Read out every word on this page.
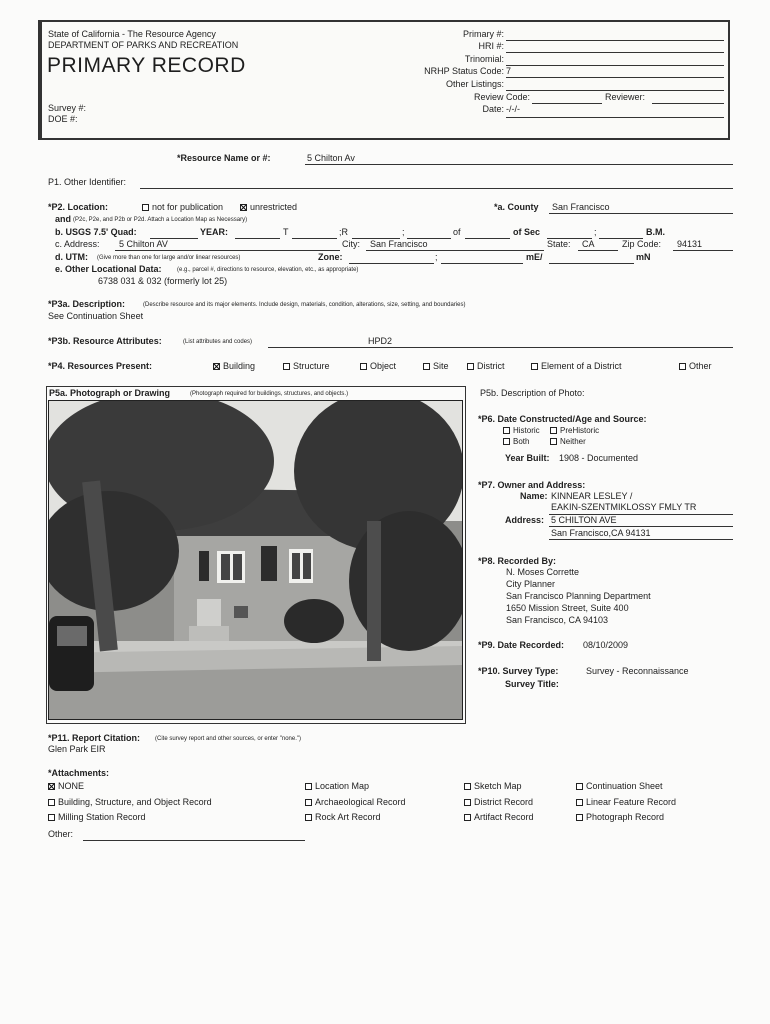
State of California - The Resource Agency
DEPARTMENT OF PARKS AND RECREATION
PRIMARY RECORD
Survey #:
DOE #:
Primary #:
HRI #:
Trinomial:
NRHP Status Code: 7
Other Listings:
Review Code:	Reviewer:
Date: -/-/-
*Resource Name or #:	5 Chilton Av
P1. Other Identifier:
*P2. Location:	not for publication	unrestricted	*a. County San Francisco
and (P2c, P2e, and P2b or P2d. Attach a Location Map as Necessary)
b. USGS 7.5' Quad:	YEAR:	T	;R	;	of	of Sec	;	B.M.
c. Address: 5 Chilton AV	City: San Francisco	State: CA	Zip Code: 94131
d. UTM: (Give more than one for large and/or linear resources)	Zone:	;	mE/	mN
e. Other Locational Data:	(e.g., parcel #, directions to resource, elevation, etc., as appropriate)
6738 031 & 032 (formerly lot 25)
*P3a. Description:	(Describe resource and its major elements. Include design, materials, condition, alterations, size, setting, and boundaries)
See Continuation Sheet
*P3b. Resource Attributes:	(List attributes and codes)	HPD2
*P4. Resources Present:	Building	Structure	Object	Site	District	Element of a District	Other
P5a. Photograph or Drawing	(Photograph required for buildings, structures, and objects.)	P5b. Description of Photo:
*P6. Date Constructed/Age and Source:
Historic	PreHistoric
Both	Neither
Year Built: 1908 - Documented
*P7. Owner and Address:
Name: KINNEAR LESLEY /
EAKIN-SZENTMIKLOSSY FMLY TR
Address: 5 CHILTON AVE
San Francisco,CA 94131
*P8. Recorded By:
N. Moses Corrette
City Planner
San Francisco Planning Department
1650 Mission Street, Suite 400
San Francisco, CA 94103
*P9. Date Recorded: 08/10/2009
*P10. Survey Type:	Survey - Reconnaissance
Survey Title:
*P11. Report Citation: (Cite survey report and other sources, or enter "none.")
Glen Park EIR
*Attachments:
NONE	Location Map	Sketch Map	Continuation Sheet
Building, Structure, and Object Record	Archaeological Record	District Record	Linear Feature Record
Milling Station Record	Rock Art Record	Artifact Record	Photograph Record
Other:
